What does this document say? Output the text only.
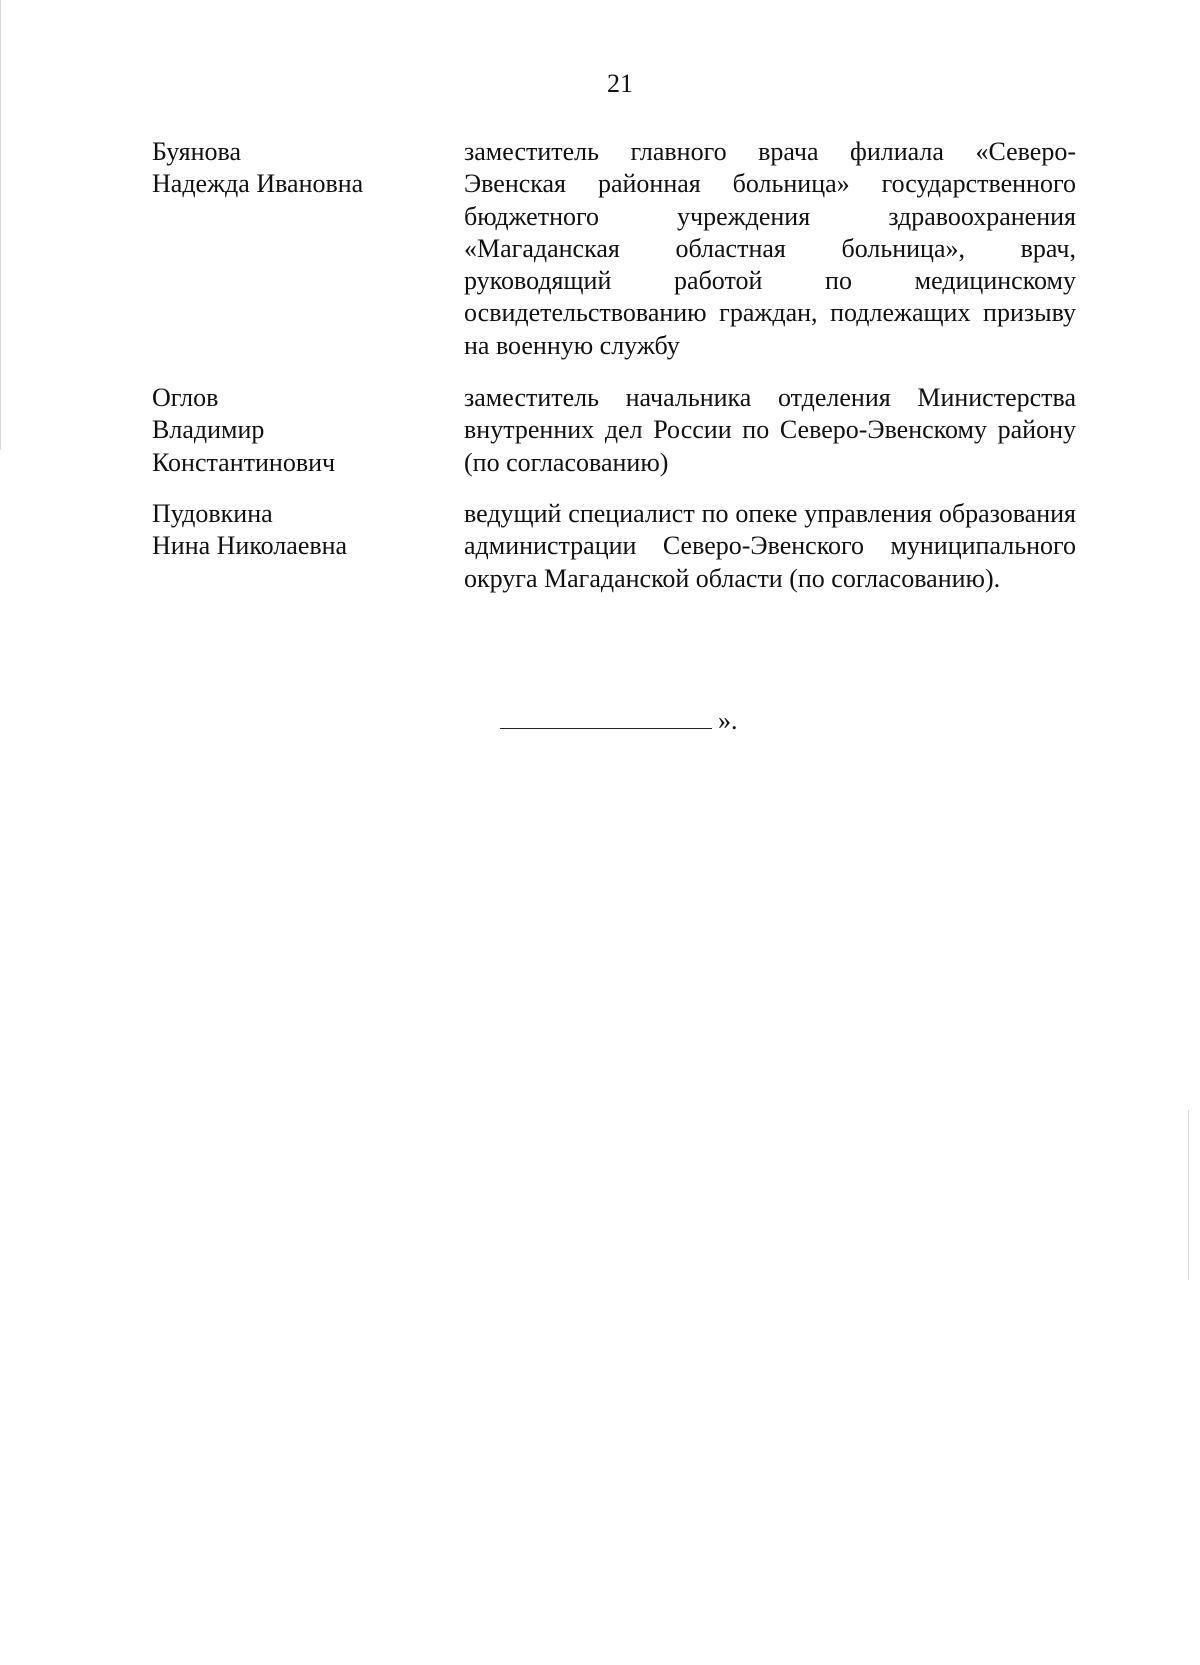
21
Буянова
Надежда Ивановна
заместитель главного врача филиала «Северо-Эвенская районная больница» государственного бюджетного учреждения здравоохранения «Магаданская областная больница», врач, руководящий работой по медицинскому освидетельствованию граждан, подлежащих призыву на военную службу
Оглов
Владимир
Константинович
заместитель начальника отделения Министерства внутренних дел России по Северо-Эвенскому району (по согласованию)
Пудовкина
Нина Николаевна
ведущий специалист по опеке управления образования администрации Северо-Эвенского муниципального округа Магаданской области (по согласованию).
».
